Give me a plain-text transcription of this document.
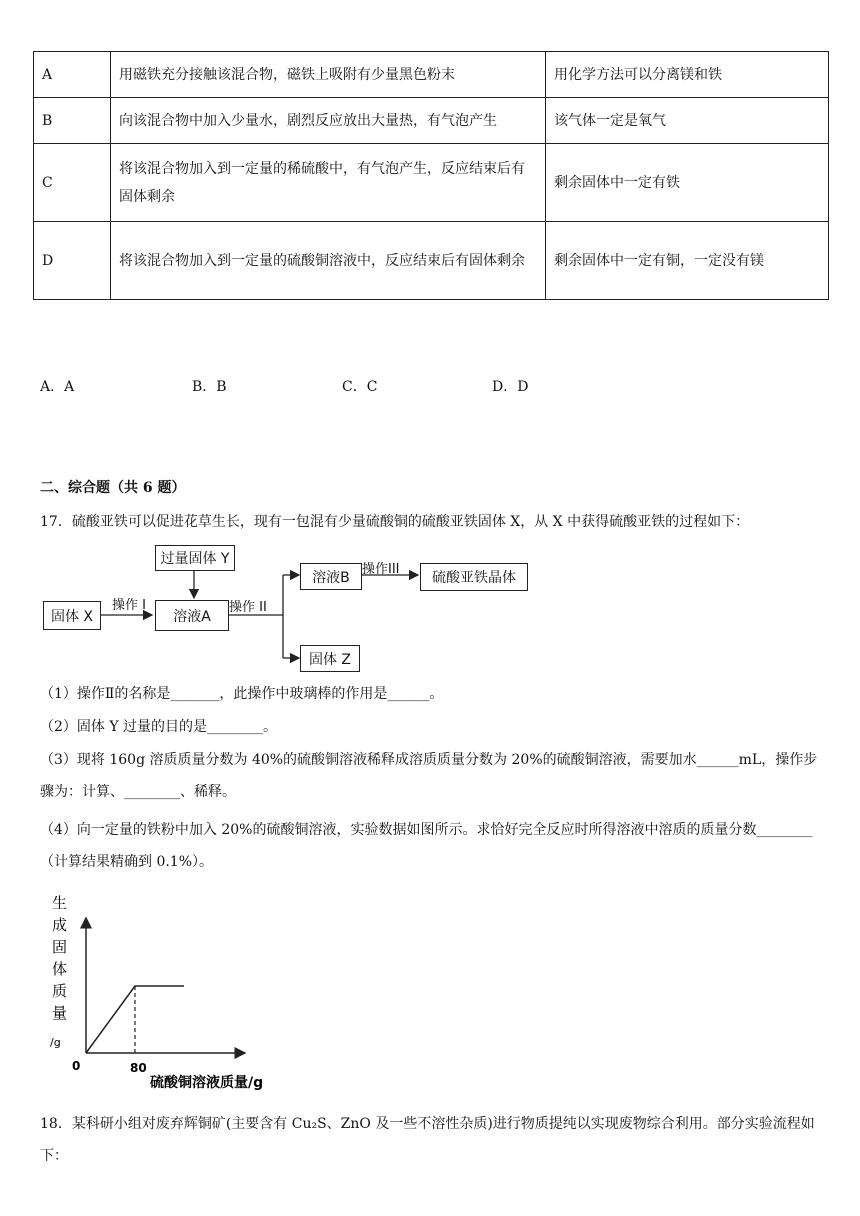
A	用磁铁充分接触该混合物，磁铁上吸附有少量黑色粉末	用化学方法可以分离镁和铁
B	向该混合物中加入少量水，剧烈反应放出大量热，有气泡产生	该气体一定是氧气
C	将该混合物加入到一定量的稀硫酸中，有气泡产生，反应结束后有固体剩余	剩余固体中一定有铁
D	将该混合物加入到一定量的硫酸铜溶液中，反应结束后有固体剩余	剩余固体中一定有铜，一定没有镁
A．A	B．B	C．C	D．D
二、综合题（共 6 题）
17．硫酸亚铁可以促进花草生长，现有一包混有少量硫酸铜的硫酸亚铁固体 X，从 X 中获得硫酸亚铁的过程如下：
过量固体 Y
固体 X	溶液A
溶液B	硫酸亚铁晶体
固体 Z
操作 I	操作 II
操作III
（1）操作Ⅱ的名称是_______，此操作中玻璃棒的作用是______。
（2）固体 Y 过量的目的是________。
（3）现将 160g 溶质质量分数为 40%的硫酸铜溶液稀释成溶质质量分数为 20%的硫酸铜溶液，需要加水______mL，操作步骤为：计算、________、稀释。
（4）向一定量的铁粉中加入 20%的硫酸铜溶液，实验数据如图所示。求恰好完全反应时所得溶液中溶质的质量分数________（计算结果精确到 0.1%）。
生
成
固
体
质
量
/g
0	80
硫酸铜溶液质量/g
18．某科研小组对废弃辉铜矿(主要含有 Cu₂S、ZnO 及一些不溶性杂质)进行物质提纯以实现废物综合利用。部分实验流程如下：
